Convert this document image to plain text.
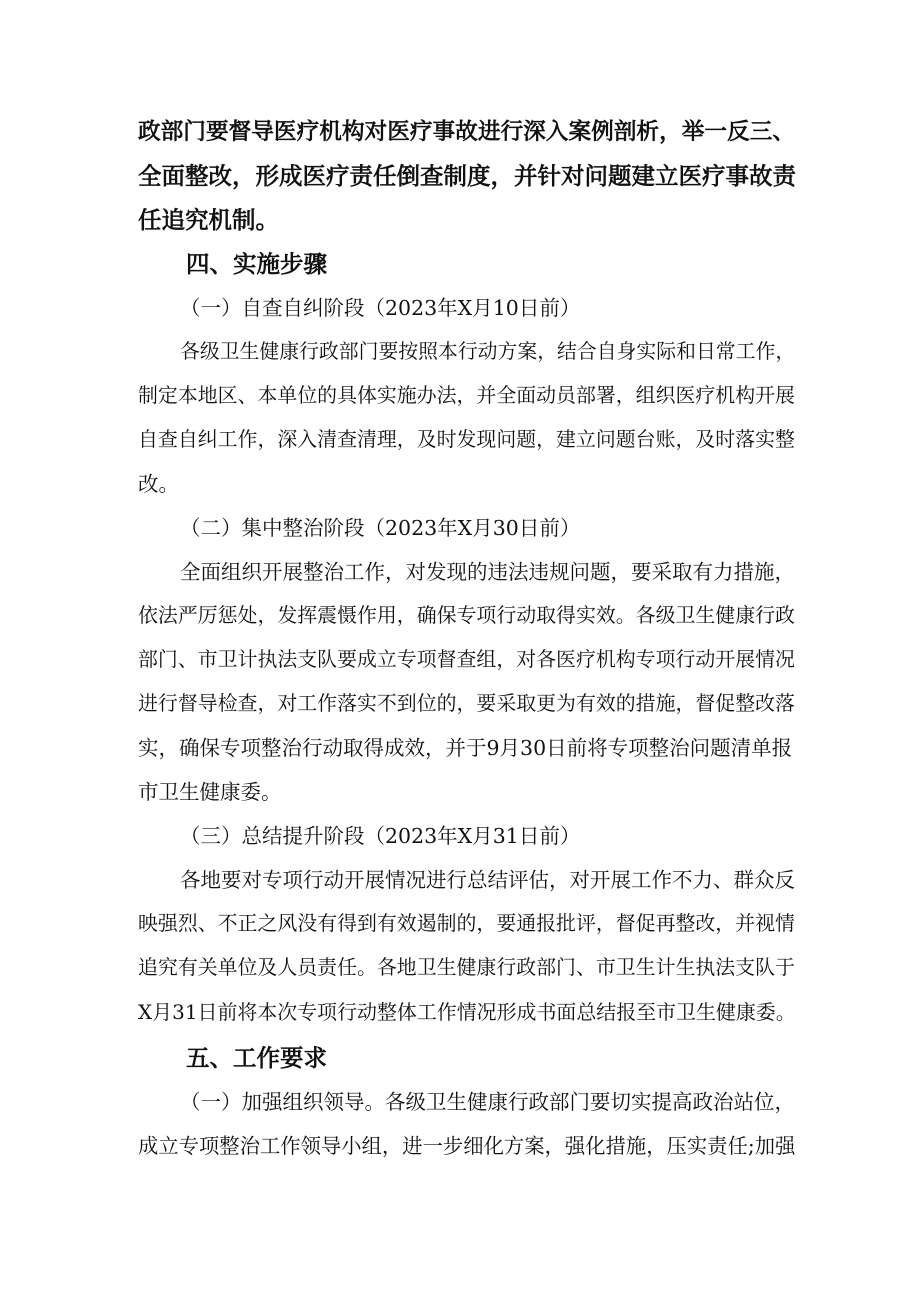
政部门要督导医疗机构对医疗事故进行深入案例剖析，举一反三、
全面整改，形成医疗责任倒查制度，并针对问题建立医疗事故责
任追究机制。
四、实施步骤
（一）自查自纠阶段（2023年X月10日前）
各级卫生健康行政部门要按照本行动方案，结合自身实际和日常工作，
制定本地区、本单位的具体实施办法，并全面动员部署，组织医疗机构开展
自查自纠工作，深入清查清理，及时发现问题，建立问题台账，及时落实整
改。
（二）集中整治阶段（2023年X月30日前）
全面组织开展整治工作，对发现的违法违规问题，要采取有力措施，
依法严厉惩处，发挥震慑作用，确保专项行动取得实效。各级卫生健康行政
部门、市卫计执法支队要成立专项督查组，对各医疗机构专项行动开展情况
进行督导检查，对工作落实不到位的，要采取更为有效的措施，督促整改落
实，确保专项整治行动取得成效，并于9月30日前将专项整治问题清单报
市卫生健康委。
（三）总结提升阶段（2023年X月31日前）
各地要对专项行动开展情况进行总结评估，对开展工作不力、群众反
映强烈、不正之风没有得到有效遏制的，要通报批评，督促再整改，并视情
追究有关单位及人员责任。各地卫生健康行政部门、市卫生计生执法支队于
X月31日前将本次专项行动整体工作情况形成书面总结报至市卫生健康委。
五、工作要求
（一）加强组织领导。各级卫生健康行政部门要切实提高政治站位，
成立专项整治工作领导小组，进一步细化方案，强化措施，压实责任;加强
